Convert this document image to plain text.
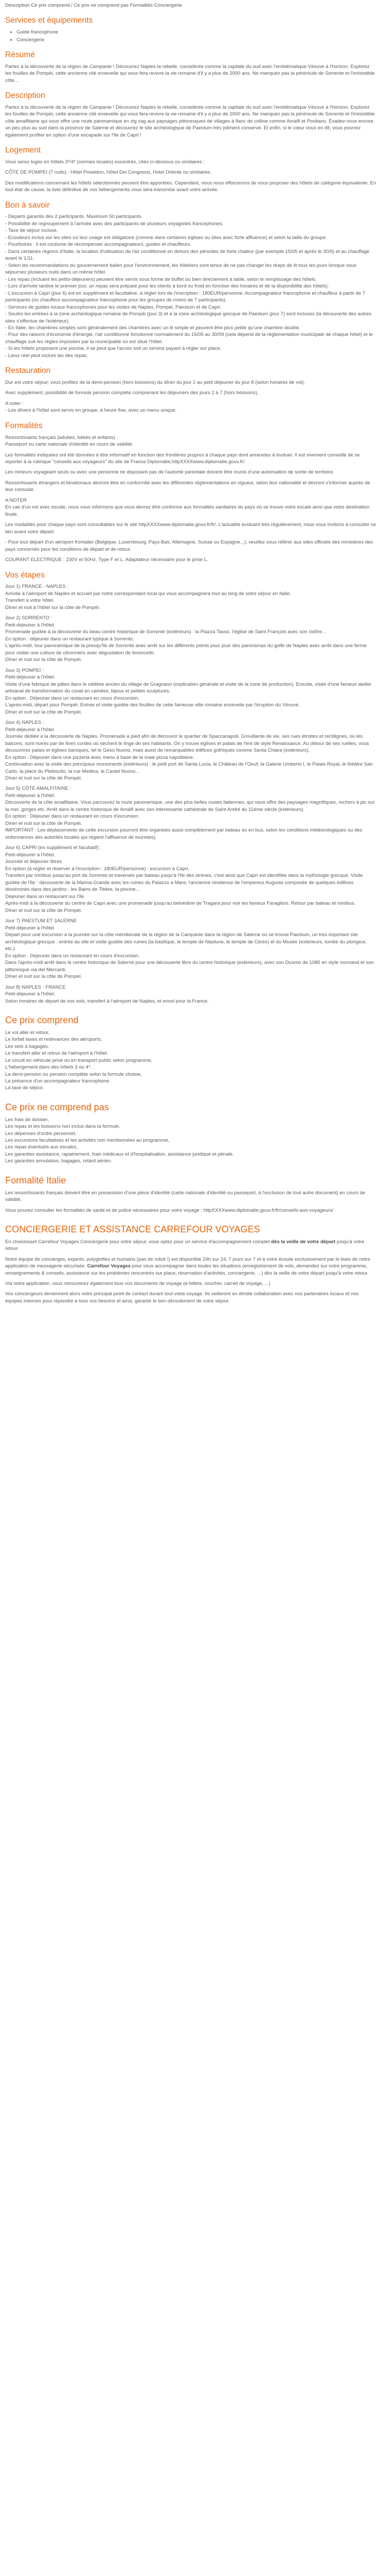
Description Ce prix comprend / Ce prix ne comprend pas Formalités Conciergerie

Services et équipements
• Guide francophone
• Conciergerie
Résumé

Partez à la découverte de la région de Campanie ! Découvrez Naples la rebelle, considérée comme la capitale du sud avec l'emblématique Vésuve à l'horizon. Explorez les fouilles de Pompéi, cette ancienne cité ensevelie qui vous fera revivre la vie romaine d'il y a plus de 2000 ans. Ne manquez pas la péninsule de Sorrente et l'irrésistible côte...

Description

Partez à la découverte de la région de Campanie ! Découvrez Naples la rebelle, considérée comme la capitale du sud avec l'emblématique Vésuve à l'horizon. Explorez les fouilles de Pompéi, cette ancienne cité ensevelie qui vous fera revivre la vie romaine d'il y a plus de 2000 ans. Ne manquez pas la péninsule de Sorrente et l'irrésistible côte amalfitaine qui vous offre une route panoramique en zig zag aux paysages pittoresques de villages à flanc de colline comme Amalfi et Positano. Évadez-vous encore un peu plus au sud dans la province de Salerne et découvrez le site archéologique de Paestum très joliment conservé. Et enfin, si le cœur vous en dit, vous pourrez également profiter en option d'une escapade sur l'île de Capri !

Logement

Vous serez logés en hôtels 3*/4* (normes locales) excentrés, cités ci-dessous ou similaires :

CÔTE DE POMPEI (7 nuits) : Hôtel Poseidon, Hôtel Dei Congressi, Hotel Oriente ou similaires.

Des modifications concernant les hôtels sélectionnés peuvent être apportées. Cependant, nous nous efforcerons de vous proposer des hôtels de catégorie équivalente. En tout état de cause, la liste définitive de vos hébergements vous sera transmise avant votre arrivée.

Bon à savoir

- Départs garantis dès 2 participants. Maximum 50 participants.
- Possibilité de regroupement à l'arrivée avec des participants de plusieurs voyagistes francophones.
- Taxe de séjour incluse.
- Ecouteurs inclus sur les sites où leur usage est obligatoire (comme dans certaines églises ou sites avec forte affluence) et selon la taille du groupe.
- Pourboires : il est coutume de récompenser accompagnateurs, guides et chauffeurs.
- Dans certaines régions d'Italie, la location d'utilisation de l'air conditionné en dehors des périodes de forte chaleur (par exemple 15/05 et après le 30/9) et au chauffage avant le 1/11.
- Selon les recommandations du gouvernement italien pour l'environnement, les hôteliers sont tenus de ne pas changer les draps de lit tous les jours lorsque vous séjournez plusieurs nuits dans un même hôtel.
- Les repas (incluant les petits-déjeuners) peuvent être servis sous forme de buffet ou bien directement à table, selon le remplissage des hôtels.
- Lors d'arrivée tardive le premier jour, un repas sera préparé pour les clients à bord ou froid en fonction des horaires et de la disponibilité des hôtels).
- L'excursion à Capri (jour 6) est en supplément et facultative, à régler lors de l'inscription : 180EUR/personne. Accompagnateur francophone et chauffeur à partir de 7 participants (ou chauffeur-accompagnateur francophone pour les groupes de moins de 7 participants).
- Services de guides locaux francophones pour les visites de Naples, Pompéi, Paestum et de Capri.
- Seules les entrées à la zone archéologique romaine de Pompéi (jour 3) et à la zone archéologique grecque de Paestum (jour 7) sont incluses (la découverte des autres sites s'effectue de l'extérieur).
- En Italie, les chambres simples sont généralement des chambres avec un lit simple et peuvent être plus petite qu'une chambre double.
- Pour des raisons d'économie d'énergie, l'air conditionné fonctionne normalement du 15/05 au 30/09 (cela dépend de la réglementation municipale de chaque hôtel) et le chauffage suit les règles imposées par la municipalité où est situé l'hôtel.
- Si les hôtels proposent une piscine, il se peut que l'accès soit un service payant à régler sur place.
- Lieux réel peut inclure les des repas.

Restauration

Dur est votre séjour, vous profitez de la demi-pension (hors boissons) du dîner du jour 1 au petit déjeuner du jour 8 (selon horaires de vol).

Avec supplément, possibilité de formule pension complète comprenant les déjeuners des jours 2 à 7 (hors boissons).

A noter :

- Les dîners à l'hôtel sont servis en groupe, à heure fixe, avec un menu unique.

Formalités

Ressortissants français (adultes, bébés et enfants) :

Passeport ou carte nationale d'identité en cours de validité.

Les formalités indiquées ont été données à titre informatif en fonction des frontières propres à chaque pays dont annexées à évoluer. Il est vivement conseillé de se reporter à la rubrique "conseils aux voyageurs" du site de France Diplomatie,httpXXXXwww.diplomatie.gouv.fr/.

Les mineurs voyageant seuls ou avec une personne ne disposant pas de l'autorité parentale doivent être munis d'une autorisation de sortie de territoire.

Ressortissants étrangers et binationaux devront être en conformité avec les différentes réglementations en vigueur, selon leur nationalité et devront s'informer auprès de leur consulat.

A NOTER

En cas d'un vol avec escale, nous vous informons que vous devrez être conforme aux formalités sanitaires du pays où se trouve votre escale ainsi que votre destination finale.

Les modalités pour chaque pays sont consultables sur le site httpXXXXwww.diplomatie.gouv.fr/fr/. L'actualité évoluant très régulièrement, nous vous invitons à consulter ce lien avant votre départ.

- Pour tout départ d'un aéroport frontalier (Belgique, Luxembourg, Pays-Bas, Allemagne, Suisse ou Espagne...), veuillez vous référer aux sites officiels des ministères des pays concernés pour les conditions de départ et de retour.

COURANT ELECTRIQUE : 230V et 50Hz. Type F et L. Adaptateur nécessaire pour le prise L.

Vos étapes

Jour 1) FRANCE - NAPLES :
Arrivée à l'aéroport de Naples et accueil par notre correspondant local qui vous accompagnera tout au long de votre séjour en Italie.
Transfert à votre hôtel.
Dîner et nuit à l'hôtel sur la côte de Pompéi.

Jour 2) SORRENTO :
Petit-déjeuner à l'hôtel.
Promenade guidée à la découverte du beau centre historique de Sorrente (extérieurs) : la Piazza Tasso, l'église de Saint François avec son cloître...
En option : déjeuner dans un restaurant typique à Sorrento.
L'après-midi, tour panoramique de la presqu'île de Sorrente avec arrêt sur les différents points pour jouir des panoramas du golfe de Naples avec arrêt dans une ferme pour visiter une culture de citronniers avec dégustation de limoncello.
Dîner et nuit sur la côte de Pompéi.

Jour 3) POMPEI :
Petit-déjeuner à l'hôtel.
Visite d'une fabrique de pâtes dans le célèbre ancien du village de Gragnano (explication générale et visite de la zone de production). Ensuite, visite d'une fameux atelier artisanal de transformation du corail en camées, bijoux et petites sculptures.
En option : Déjeuner dans un restaurant en cours d'excursion.
L'après-midi, départ pour Pompéi. Entrée et visite guidée des fouilles de cette fameuse ville romaine ensevelie par l'éruption du Vésuve.
Dîner et nuit sur la côte de Pompéi.

Jour 4) NAPLES :
Petit-déjeuner à l'hôtel.
Journée dédiée à la découverte de Naples. Promenade à pied afin de découvrir le quartier de Spaccanapoli. Grouillante de vie, ses rues étroites et rectilignes, où les balcons, sont noirés par de fines cordes où sèchent le linge de ses habitants. On y trouve églises et palais de l'ère de style Renaissance. Au détour de ses ruelles, vous découvrirez palais et églises baroques, tel le Gesù Nuovo, mais aussi de remarquables édifices gothiques comme Santa Chiara (extérieurs).
En option : Déjeuner dans une pizzeria avec menu à base de la vraie pizza napolitaine.
Continuation avec la visite des principaux monuments (extérieurs) : le petit port de Santa Lucia, le Château de l'Oeuf, la Galerie Umberto I, le Palais Royal, le théâtre San Carlo, la place du Plebiscito, la rue Medina, le Castel Nuovo...
Dîner et nuit sur la côte de Pompéi.

Jour 5) CÔTE AMALFITAINE :
Petit-déjeuner à l'hôtel.
Découverte de la côte amalfitaine. Vous parcourez la route panoramique, une des plus belles routes italiennes, qui nous offre des paysages magnifiques, rochers à pic sur la mer, gorges etc. Arrêt dans le centre historique de Amalfi avec son intéressante cathédrale de Saint André du 11ème siècle (extérieurs).
En option : Déjeuner dans un restaurant en cours d'excursion.
Dîner et nuit sur la côte de Pompéi.
IMPORTANT : Les déplacements de cette excursion pourront être organisés aussi complètement par bateau ou en bus, selon les conditions météorologiques ou des ordonnances des autorités locales qui régient l'affluence de touristes).

Jour 6) CAPRI (en supplément et facultatif) :
Petit-déjeuner à l'hôtel.
Journée et déjeuner libres.
En option (à régler et réserver à l'inscription : 180EUR/personne) : excursion à Capri.
Transfert par minibus jusqu'au port de Sorrento et traversée par bateau jusqu'à l'île des sirènes, c'est ainsi que Capri est identifiée dans la mythologie grecque. Visite guidée de l'île : découverte de la Marina Grande avec les ruines du Palazzo a Mare, l'ancienne résidence de l'empereur Auguste composée de quelques édifices disséminés dans des jardins : les Bains de Tibère, la piscine...
Déjeuner dans un restaurant sur l'île.
Après-midi à la découverte du centre de Capri avec une promenade jusqu'au belvédère de Tragara pour voir les fameux Faraglioni. Retour par bateau et minibus.
Dîner et nuit sur la côte de Pompéi.

Jour 7) PAESTUM ET SALERNE
Petit-déjeuner à l'hôtel.
Départ pour une excursion à la journée sur la côte méridionale de la région de la Campanie dans la région de Salerne où se trouve Paestum, un très important site archéologique grecque : entrée au site et visite guidée des ruines (la basilique, le temple de Neptune, le temple de Cérès) et du Musée (extérieurs, tombe du plongeur, etc.).
En option : Déjeuner dans un restaurant en cours d'excursion.
Dans l'après-midi arrêt dans le centre historique de Salerne pour une découverte libre du centre historique (extérieurs), avec son Duomo de 1085 en style normand et son pittoresque via del Mercanti.
Dîner et nuit sur la côte de Pompéi.

Jour 8) NAPLES - FRANCE
Petit-déjeuner à l'hôtel.
Selon horaires de départ de vos vols, transfert à l'aéroport de Naples, et envol pour la France.

Ce prix comprend

Le vol aller et retour,
Le forfait taxes et redevances des aéroports.
Les sets à bagages.
Le transfert aller et retour de l'aéroport à l'hôtel.
Le circuit en véhicule privé ou en transport public selon programme,
L'hébergement dans des hôtels 3 ou 4*.
La demi-pension ou pension complète selon la formule choisie,
La présence d'un accompagnateur francophone.
La taxe de séjour.

Ce prix ne comprend pas

Les frais de dossier,
Les repas et les boissons non inclus dans la formule,
Les dépenses d'ordre personnel,
Les excursions facultatives et les activités non mentionnées au programme,
Les repas éventuels aux escales,
Les garanties assistance, rapatriement, frais médicaux et d'hospitalisation, assistance juridique et pénale.
Les garanties annulation, bagages, retard aérien.

Formalité Italie

Les ressortissants français doivent être en possession d'une pièce d'identité (carte nationale d'identité ou passeport, à l'exclusion de tout autre document) en cours de validité.

Vous pouvez consulter les formalités de santé et de police nécessaires pour votre voyage : httpXXXXwww.diplomatie.gouv.fr/fr/conseils-aux-voyageurs/

CONCIERGERIE ET ASSISTANCE CARREFOUR VOYAGES

En choisissant Carrefour Voyages Conciergerie pour votre séjour, vous optez pour un service d'accompagnement complet dès la veille de votre départ jusqu'à votre retour.

Notre équipe de concierges, experts, polyglottes et humains (pas de robot !) est disponible 24h sur 24, 7 jours sur 7 et à votre écoute exclusivement par le biais de notre application de messagerie sécurisée. Carrefour Voyages pour vous accompagner dans toutes les situations (enregistrement de vols, demandes sur votre programme, renseignements & conseils, assistance sur les problèmes rencontrés sur place, réservation d'activités, conciergerie, ...) dès la veille de votre départ jusqu'à votre retour.

Via notre application, vous retrouverez également tous vos documents de voyage (e-billets, voucher, carnet de voyage, ...)

Vos conciergeurs deviennent alors votre principal point de contact durant tout votre voyage. Ils veilleront en étroite collaboration avec nos partenaires locaux et nos équipes internes pour répondre à tous vos besoins et ainsi, garantir le bon déroulement de votre séjour.
